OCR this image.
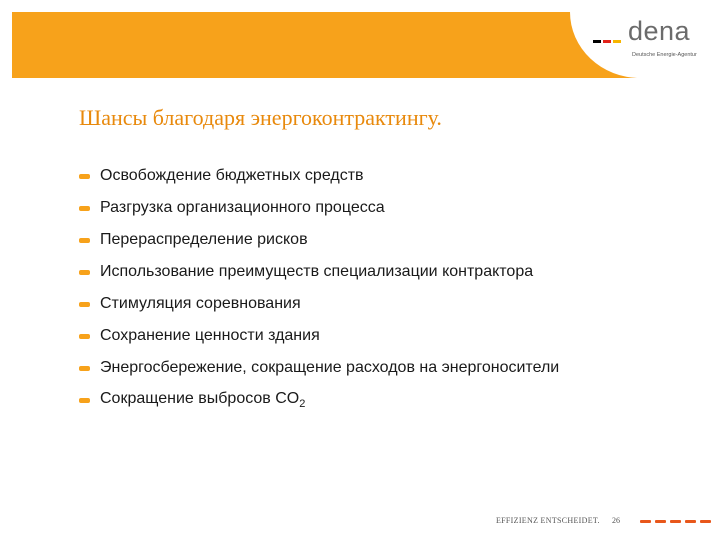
dena
Deutsche Energie-Agentur
Шансы благодаря энергоконтрактингу.
Освобождение бюджетных средств
Разгрузка организационного процесса
Перераспределение рисков
Использование преимуществ специализации контрактора
Стимуляция соревнования
Сохранение ценности здания
Энергосбережение, сокращение расходов на энергоносители
Сокращение выбросов $CO_2$
EFFIZIENZ ENTSCHEIDET. 26
